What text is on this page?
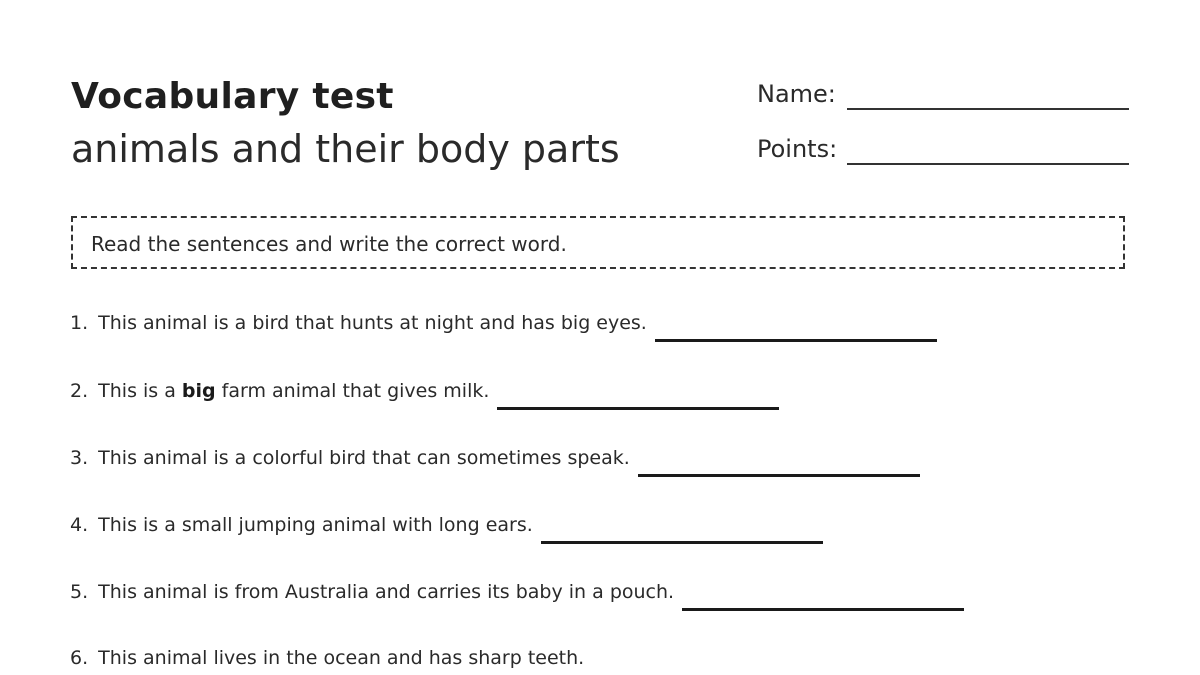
Vocabulary test
animals and their body parts
Name:
Points:
Read the sentences and write the correct word.
1. This animal is a bird that hunts at night and has big eyes.
2. This is a big farm animal that gives milk.
3. This animal is a colorful bird that can sometimes speak.
4. This is a small jumping animal with long ears.
5. This animal is from Australia and carries its baby in a pouch.
6. This animal lives in the ocean and has sharp teeth.
